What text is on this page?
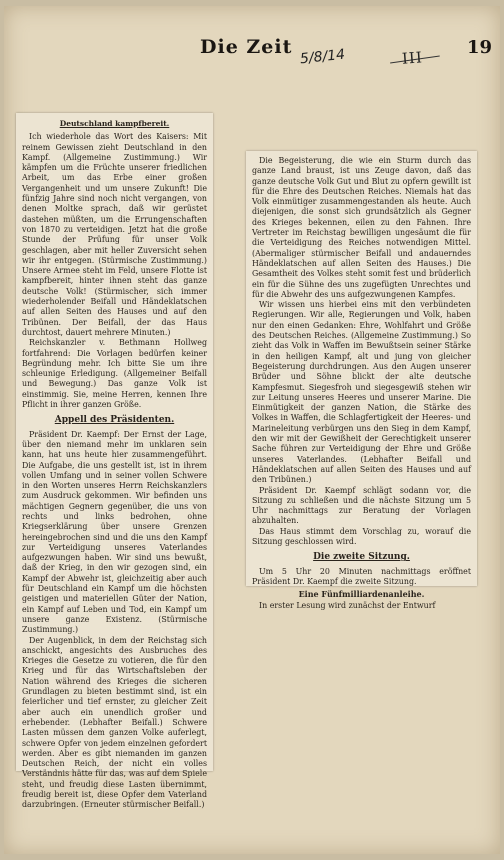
Die Zeit	19
5/8/14	III
Deutschland kampfbereit.

Ich wiederhole das Wort des Kaisers: Mit reinem Gewissen zieht Deutschland in den Kampf. (Allgemeine Zustimmung.) Wir kämpfen um die Früchte unserer friedlichen Arbeit, um das Erbe einer großen Vergangenheit und um unsere Zukunft! Die fünfzig Jahre sind noch nicht vergangen, von denen Moltke sprach, daß wir gerüstet dastehen müßten, um die Errungenschaften von 1870 zu verteidigen. Jetzt hat die große Stunde der Prüfung für unser Volk geschlagen, aber mit heller Zuversicht sehen wir ihr entgegen. (Stürmische Zustimmung.) Unsere Armee steht im Feld, unsere Flotte ist kampfbereit, hinter ihnen steht das ganze deutsche Volk! (Stürmischer, sich immer wiederholender Beifall und Händeklatschen auf allen Seiten des Hauses und auf den Tribünen. Der Beifall, der das Haus durchtost, dauert mehrere Minuten.)

Reichskanzler v. Bethmann Hollweg fortfahrend: Die Vorlagen bedürfen keiner Begründung mehr. Ich bitte Sie um ihre schleunige Erledigung. (Allgemeiner Beifall und Bewegung.) Das ganze Volk ist einstimmig. Sie, meine Herren, kennen Ihre Pflicht in ihrer ganzen Größe.

Appell des Präsidenten.

Präsident Dr. Kaempf: Der Ernst der Lage, über den niemand mehr im unklaren sein kann, hat uns heute hier zusammengeführt. Die Aufgabe, die uns gestellt ist, ist in ihrem vollen Umfang und in seiner vollen Schwere in den Worten unseres Herrn Reichskanzlers zum Ausdruck gekommen. Wir befinden uns mächtigen Gegnern gegenüber, die uns von rechts und links bedrohen, ohne Kriegserklärung über unsere Grenzen hereingebrochen sind und die uns den Kampf zur Verteidigung unseres Vaterlandes aufgezwungen haben. Wir sind uns bewußt, daß der Krieg, in den wir gezogen sind, ein Kampf der Abwehr ist, gleichzeitig aber auch für Deutschland ein Kampf um die höchsten geistigen und materiellen Güter der Nation, ein Kampf auf Leben und Tod, ein Kampf um unsere ganze Existenz. (Stürmische Zustimmung.)

Der Augenblick, in dem der Reichstag sich anschickt, angesichts des Ausbruches des Krieges die Gesetze zu votieren, die für den Krieg und für das Wirtschaftsleben der Nation während des Krieges die sicheren Grundlagen zu bieten bestimmt sind, ist ein feierlicher und tief ernster, zu gleicher Zeit aber auch ein unendlich großer und erhebender. (Lebhafter Beifall.) Schwere Lasten müssen dem ganzen Volke auferlegt, schwere Opfer von jedem einzelnen gefordert werden. Aber es gibt niemanden im ganzen Deutschen Reich, der nicht ein volles Verständnis hätte für das, was auf dem Spiele steht, und freudig diese Lasten übernimmt, freudig bereit ist, diese Opfer dem Vaterland darzubringen. (Erneuter stürmischer Beifall.)

Die Begeisterung, die wie ein Sturm durch das ganze Land braust, ist uns Zeuge davon, daß das ganze deutsche Volk Gut und Blut zu opfern gewillt ist für die Ehre des Deutschen Reiches. Niemals hat das Volk einmütiger zusammengestanden als heute. Auch diejenigen, die sonst sich grundsätzlich als Gegner des Krieges bekennen, eilen zu den Fahnen. Ihre Vertreter im Reichstag bewilligen ungesäumt die für die Verteidigung des Reiches notwendigen Mittel. (Abermaliger stürmischer Beifall und andauerndes Händeklatschen auf allen Seiten des Hauses.) Die Gesamtheit des Volkes steht somit fest und brüderlich ein für die Sühne des uns zugefügten Unrechtes und für die Abwehr des uns aufgezwungenen Kampfes.

Wir wissen uns hierbei eins mit den verbündeten Regierungen. Wir alle, Regierungen und Volk, haben nur den einen Gedanken: Ehre, Wohlfahrt und Größe des Deutschen Reiches. (Allgemeine Zustimmung.) So zieht das Volk in Waffen im Bewußtsein seiner Stärke in den heiligen Kampf, alt und jung von gleicher Begeisterung durchdrungen. Aus den Augen unserer Brüder und Söhne blickt der alte deutsche Kampfesmut. Siegesfroh und siegesgewiß stehen wir zur Leitung unseres Heeres und unserer Marine. Die Einmütigkeit der ganzen Nation, die Stärke des Volkes in Waffen, die Schlagfertigkeit der Heeres- und Marineleitung verbürgen uns den Sieg in dem Kampf, den wir mit der Gewißheit der Gerechtigkeit unserer Sache führen zur Verteidigung der Ehre und Größe unseres Vaterlandes. (Lebhafter Beifall und Händeklatschen auf allen Seiten des Hauses und auf den Tribünen.)

Präsident Dr. Kaempf schlägt sodann vor, die Sitzung zu schließen und die nächste Sitzung um 5 Uhr nachmittags zur Beratung der Vorlagen abzuhalten.

Das Haus stimmt dem Vorschlag zu, worauf die Sitzung geschlossen wird.

Die zweite Sitzung.

Um 5 Uhr 20 Minuten nachmittags eröffnet Präsident Dr. Kaempf die zweite Sitzung.

Eine Fünfmilliardenanleihe.

In erster Lesung wird zunächst der Entwurf
